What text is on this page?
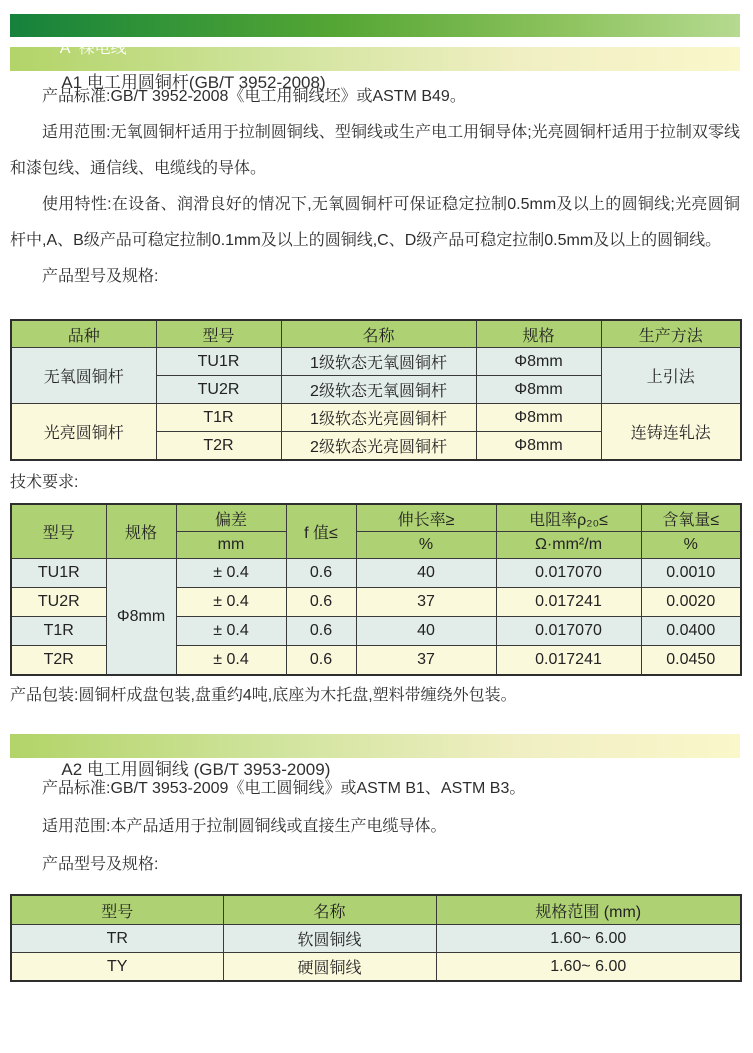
A  裸电线

A1 电工用圆铜杆(GB/T 3952-2008)

产品标准:GB/T 3952-2008《电工用铜线坯》或ASTM B49。

适用范围:无氧圆铜杆适用于拉制圆铜线、型铜线或生产电工用铜导体;光亮圆铜杆适用于拉制双零线和漆包线、通信线、电缆线的导体。

使用特性:在设备、润滑良好的情况下,无氧圆铜杆可保证稳定拉制0.5mm及以上的圆铜线;光亮圆铜杆中,A、B级产品可稳定拉制0.1mm及以上的圆铜线,C、D级产品可稳定拉制0.5mm及以上的圆铜线。

产品型号及规格:

品种	型号	名称	规格	生产方法
无氧圆铜杆	TU1R	1级软态无氧圆铜杆	Φ8mm	上引法
	TU2R	2级软态无氧圆铜杆	Φ8mm	
光亮圆铜杆	T1R	1级软态光亮圆铜杆	Φ8mm	连铸连轧法
	T2R	2级软态光亮圆铜杆	Φ8mm	

技术要求:

型号	规格	偏差	f 值≤	伸长率≥	电阻率ρ₂₀≤	含氧量≤
		mm		%	Ω·mm²/m	%
TU1R	Φ8mm	± 0.4	0.6	40	0.017070	0.0010
TU2R		± 0.4	0.6	37	0.017241	0.0020
T1R		± 0.4	0.6	40	0.017070	0.0400
T2R		± 0.4	0.6	37	0.017241	0.0450

产品包装:圆铜杆成盘包装,盘重约4吨,底座为木托盘,塑料带缠绕外包装。

A2 电工用圆铜线 (GB/T 3953-2009)

产品标准:GB/T 3953-2009《电工圆铜线》或ASTM B1、ASTM B3。

适用范围:本产品适用于拉制圆铜线或直接生产电缆导体。

产品型号及规格:

型号	名称	规格范围 (mm)
TR	软圆铜线	1.60~ 6.00
TY	硬圆铜线	1.60~ 6.00
